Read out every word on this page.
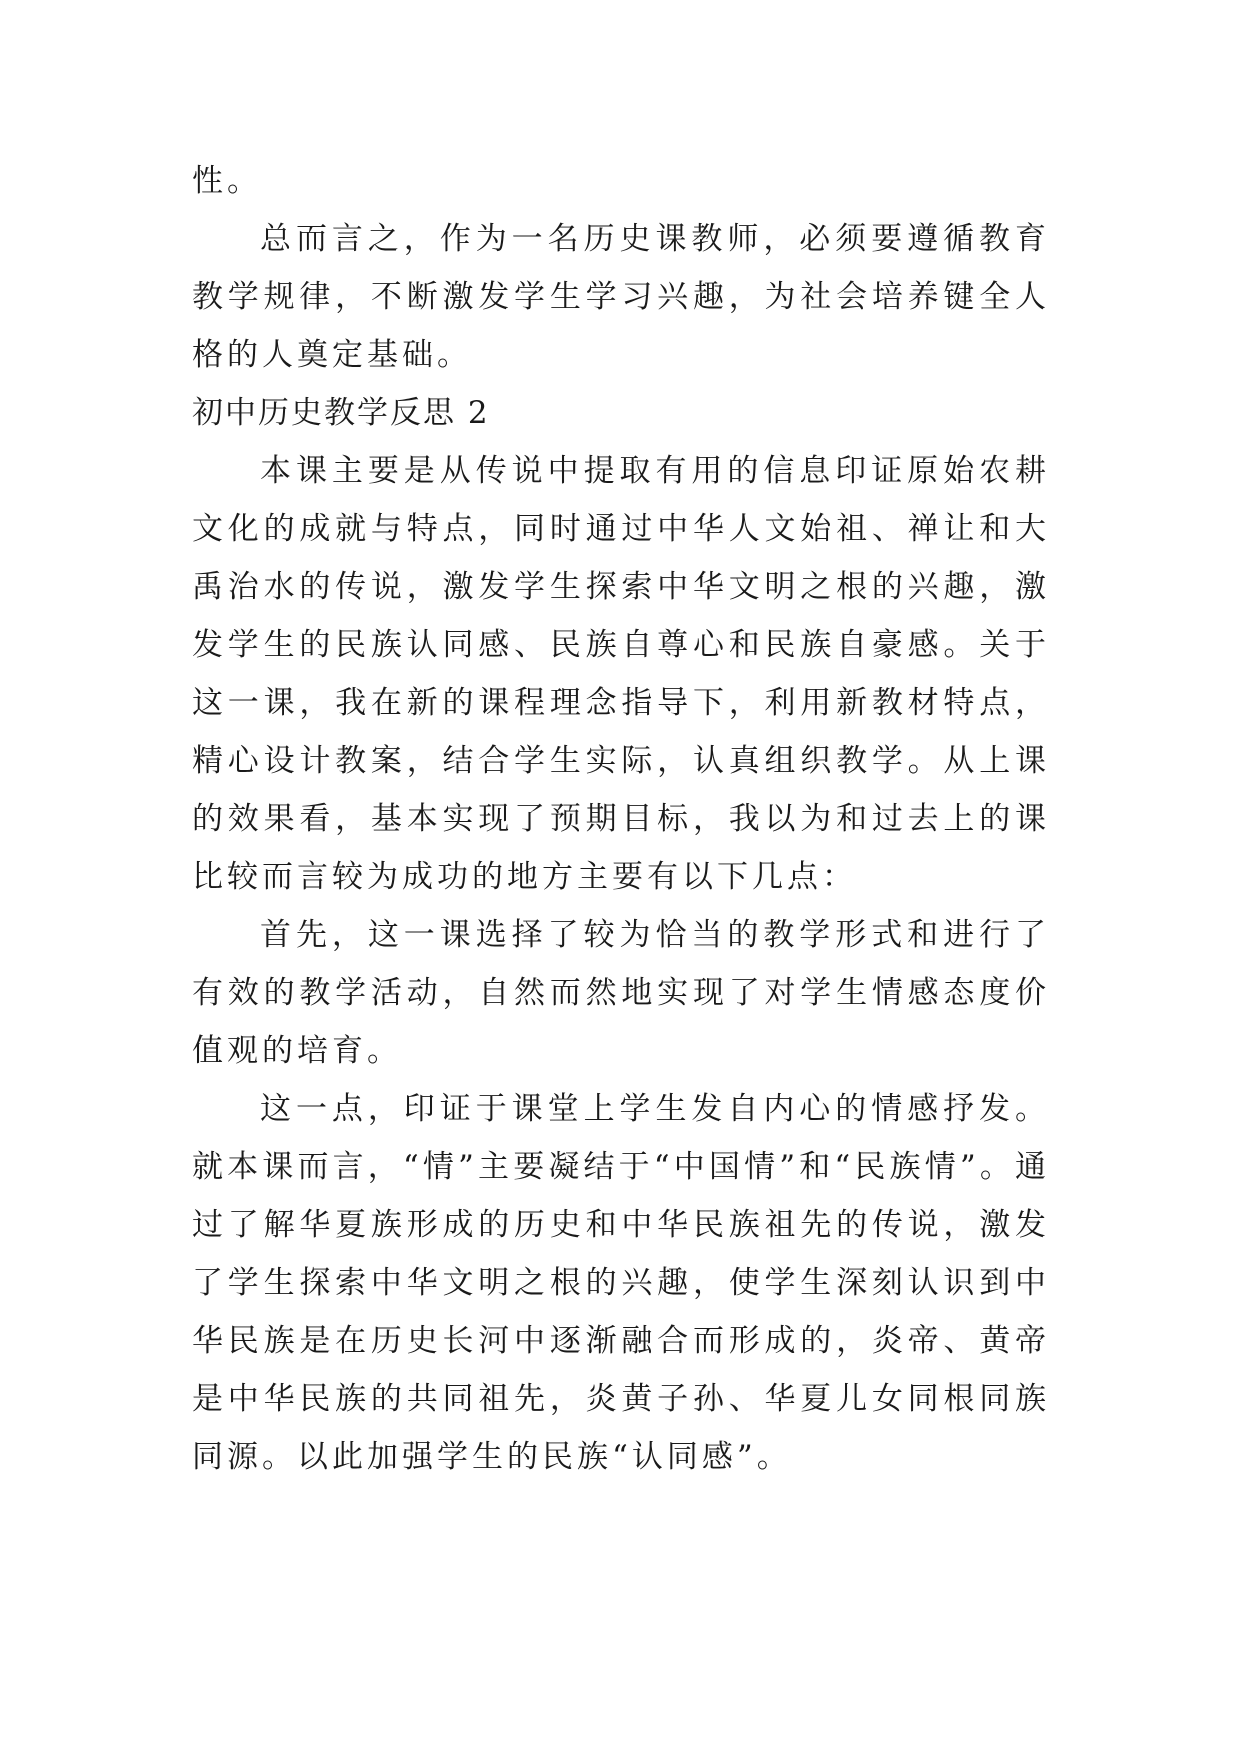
性。

总而言之，作为一名历史课教师，必须要遵循教育教学规律，不断激发学生学习兴趣，为社会培养键全人格的人奠定基础。

初中历史教学反思 2

本课主要是从传说中提取有用的信息印证原始农耕文化的成就与特点，同时通过中华人文始祖、禅让和大禹治水的传说，激发学生探索中华文明之根的兴趣，激发学生的民族认同感、民族自尊心和民族自豪感。关于这一课，我在新的课程理念指导下，利用新教材特点，精心设计教案，结合学生实际，认真组织教学。从上课的效果看，基本实现了预期目标，我以为和过去上的课比较而言较为成功的地方主要有以下几点：

首先，这一课选择了较为恰当的教学形式和进行了有效的教学活动，自然而然地实现了对学生情感态度价值观的培育。

这一点，印证于课堂上学生发自内心的情感抒发。就本课而言，“情”主要凝结于“中国情”和“民族情”。通过了解华夏族形成的历史和中华民族祖先的传说，激发了学生探索中华文明之根的兴趣，使学生深刻认识到中华民族是在历史长河中逐渐融合而形成的，炎帝、黄帝是中华民族的共同祖先，炎黄子孙、华夏儿女同根同族同源。以此加强学生的民族“认同感”。
